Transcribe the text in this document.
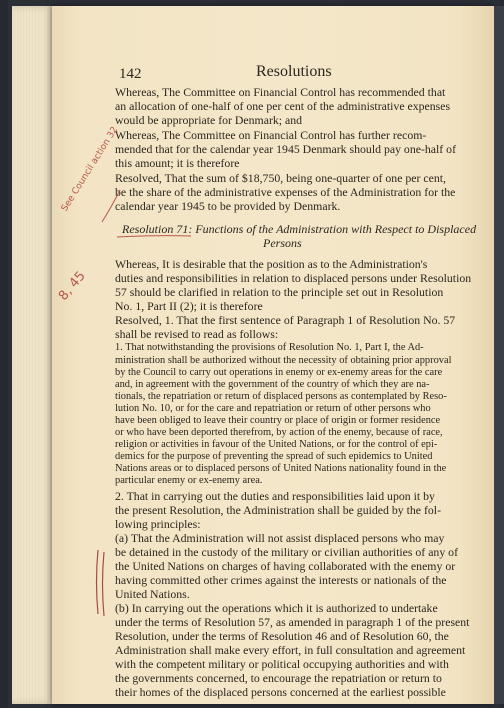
142	Resolutions
Whereas, The Committee on Financial Control has recommended that
an allocation of one-half of one per cent of the administrative expenses
would be appropriate for Denmark; and
Whereas, The Committee on Financial Control has further recom-
mended that for the calendar year 1945 Denmark should pay one-half of
this amount; it is therefore
Resolved, That the sum of $18,750, being one-quarter of one per cent,
be the share of the administrative expenses of the Administration for the
calendar year 1945 to be provided by Denmark.
Resolution 71: Functions of the Administration with Respect to Displaced
Persons
Whereas, It is desirable that the position as to the Administration's
duties and responsibilities in relation to displaced persons under Resolution
57 should be clarified in relation to the principle set out in Resolution
No. 1, Part II (2); it is therefore
Resolved, 1. That the first sentence of Paragraph 1 of Resolution No. 57
shall be revised to read as follows:
1. That notwithstanding the provisions of Resolution No. 1, Part I, the Ad-
ministration shall be authorized without the necessity of obtaining prior approval
by the Council to carry out operations in enemy or ex-enemy areas for the care
and, in agreement with the government of the country of which they are na-
tionals, the repatriation or return of displaced persons as contemplated by Reso-
lution No. 10, or for the care and repatriation or return of other persons who
have been obliged to leave their country or place of origin or former residence
or who have been deported therefrom, by action of the enemy, because of race,
religion or activities in favour of the United Nations, or for the control of epi-
demics for the purpose of preventing the spread of such epidemics to United
Nations areas or to displaced persons of United Nations nationality found in the
particular enemy or ex-enemy area.
2. That in carrying out the duties and responsibilities laid upon it by
the present Resolution, the Administration shall be guided by the fol-
lowing principles:
(a) That the Administration will not assist displaced persons who may
be detained in the custody of the military or civilian authorities of any of
the United Nations on charges of having collaborated with the enemy or
having committed other crimes against the interests or nationals of the
United Nations.
(b) In carrying out the operations which it is authorized to undertake
under the terms of Resolution 57, as amended in paragraph 1 of the present
Resolution, under the terms of Resolution 46 and of Resolution 60, the
Administration shall make every effort, in full consultation and agreement
with the competent military or political occupying authorities and with
the governments concerned, to encourage the repatriation or return to
their homes of the displaced persons concerned at the earliest possible
See Council action 32
8, 45
